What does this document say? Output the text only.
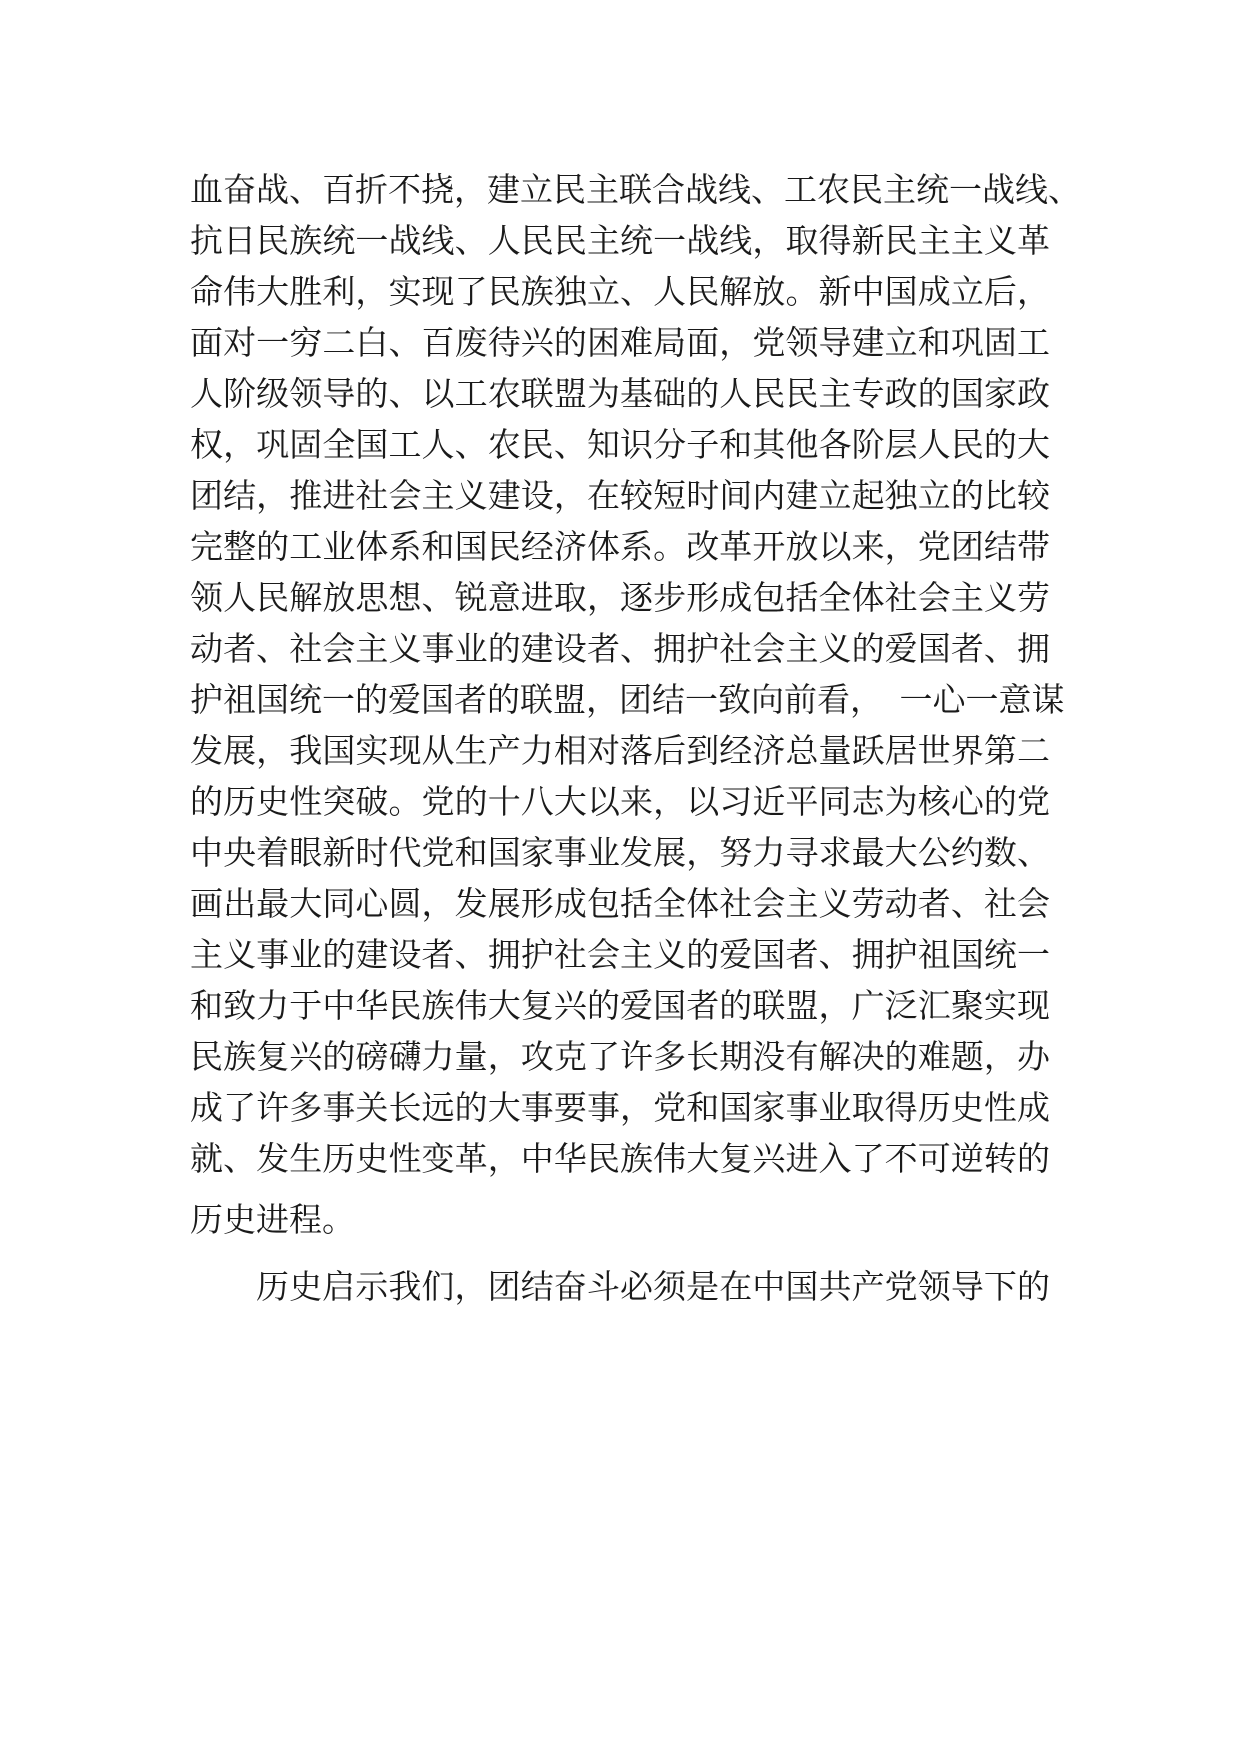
血奋战、百折不挠，建立民主联合战线、工农民主统一战线、
抗日民族统一战线、人民民主统一战线，取得新民主主义革
命伟大胜利，实现了民族独立、人民解放。新中国成立后，
面对一穷二白、百废待兴的困难局面，党领导建立和巩固工
人阶级领导的、以工农联盟为基础的人民民主专政的国家政
权，巩固全国工人、农民、知识分子和其他各阶层人民的大
团结，推进社会主义建设，在较短时间内建立起独立的比较
完整的工业体系和国民经济体系。改革开放以来，党团结带
领人民解放思想、锐意进取，逐步形成包括全体社会主义劳
动者、社会主义事业的建设者、拥护社会主义的爱国者、拥
护祖国统一的爱国者的联盟，团结一致向前看，　一心一意谋
发展，我国实现从生产力相对落后到经济总量跃居世界第二
的历史性突破。党的十八大以来，以习近平同志为核心的党
中央着眼新时代党和国家事业发展，努力寻求最大公约数、
画出最大同心圆，发展形成包括全体社会主义劳动者、社会
主义事业的建设者、拥护社会主义的爱国者、拥护祖国统一
和致力于中华民族伟大复兴的爱国者的联盟，广泛汇聚实现
民族复兴的磅礴力量，攻克了许多长期没有解决的难题，办
成了许多事关长远的大事要事，党和国家事业取得历史性成
就、发生历史性变革，中华民族伟大复兴进入了不可逆转的
历史进程。
历史启示我们，团结奋斗必须是在中国共产党领导下的
